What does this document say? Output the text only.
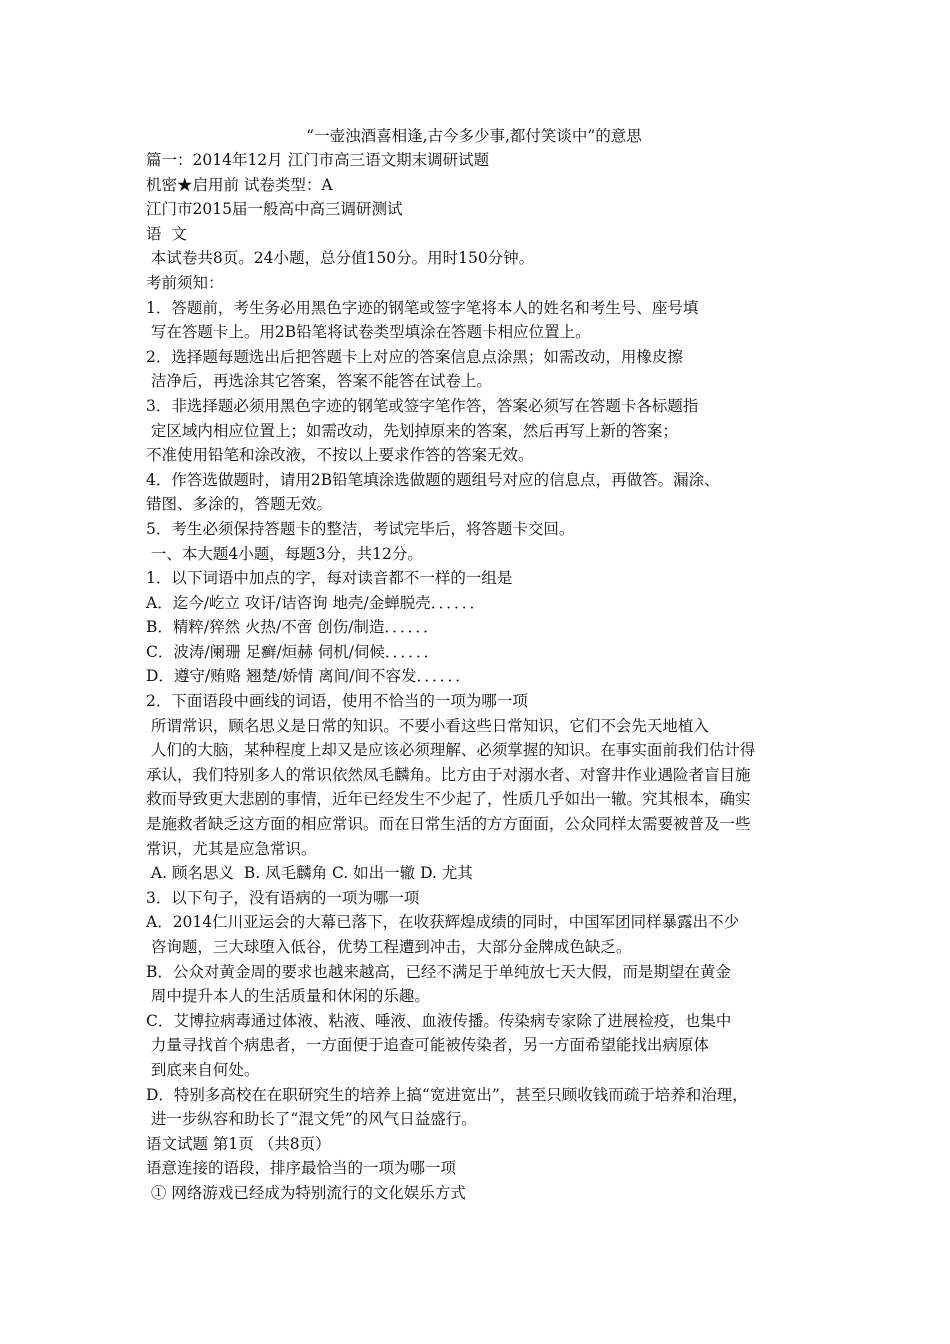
“一壶浊酒喜相逢,古今多少事,都付笑谈中”的意思
篇一：2014年12月 江门市高三语文期末调研试题
机密★启用前 试卷类型：A
江门市2015届一般高中高三调研测试
语  文
本试卷共8页。24小题，总分值150分。用时150分钟。
考前须知：
1．答题前，考生务必用黑色字迹的钢笔或签字笔将本人的姓名和考生号、座号填
写在答题卡上。用2B铅笔将试卷类型填涂在答题卡相应位置上。
2．选择题每题选出后把答题卡上对应的答案信息点涂黑；如需改动，用橡皮擦
洁净后，再选涂其它答案，答案不能答在试卷上。
3．非选择题必须用黑色字迹的钢笔或签字笔作答，答案必须写在答题卡各标题指
定区域内相应位置上；如需改动，先划掉原来的答案，然后再写上新的答案；
不准使用铅笔和涂改液，不按以上要求作答的答案无效。
4．作答选做题时，请用2B铅笔填涂选做题的题组号对应的信息点，再做答。漏涂、
错图、多涂的，答题无效。
5．考生必须保持答题卡的整洁，考试完毕后，将答题卡交回。
一、本大题4小题，每题3分，共12分。
1．以下词语中加点的字，每对读音都不一样的一组是
A．迄今/屹立 攻讦/诘咨询 地壳/金蝉脱壳．．．．．．
B．精粹/猝然 火热/不啻 创伤/制造．．．．．．
C．波涛/阑珊 足癣/烜赫 伺机/伺候．．．．．．
D．遵守/贿赂 翘楚/娇情 离间/间不容发．．．．．．
2．下面语段中画线的词语，使用不恰当的一项为哪一项
所谓常识，顾名思义是日常的知识。不要小看这些日常知识，它们不会先天地植入
人们的大脑，某种程度上却又是应该必须理解、必须掌握的知识。在事实面前我们估计得
承认，我们特别多人的常识依然凤毛麟角。比方由于对溺水者、对窨井作业遇险者盲目施
救而导致更大悲剧的事情，近年已经发生不少起了，性质几乎如出一辙。究其根本，确实
是施救者缺乏这方面的相应常识。而在日常生活的方方面面，公众同样太需要被普及一些
常识，尤其是应急常识。
A. 顾名思义  B. 凤毛麟角 C. 如出一辙 D. 尤其
3．以下句子，没有语病的一项为哪一项
A．2014仁川亚运会的大幕已落下，在收获辉煌成绩的同时，中国军团同样暴露出不少
咨询题，三大球堕入低谷，优势工程遭到冲击，大部分金牌成色缺乏。
B．公众对黄金周的要求也越来越高，已经不满足于单纯放七天大假，而是期望在黄金
周中提升本人的生活质量和休闲的乐趣。
C．艾博拉病毒通过体液、粘液、唾液、血液传播。传染病专家除了进展检疫，也集中
力量寻找首个病患者，一方面便于追查可能被传染者，另一方面希望能找出病原体
到底来自何处。
D．特别多高校在在职研究生的培养上搞“宽进宽出”，甚至只顾收钱而疏于培养和治理，
进一步纵容和助长了“混文凭”的风气日益盛行。
语文试题 第1页 （共8页）
语意连接的语段，排序最恰当的一项为哪一项
① 网络游戏已经成为特别流行的文化娱乐方式
